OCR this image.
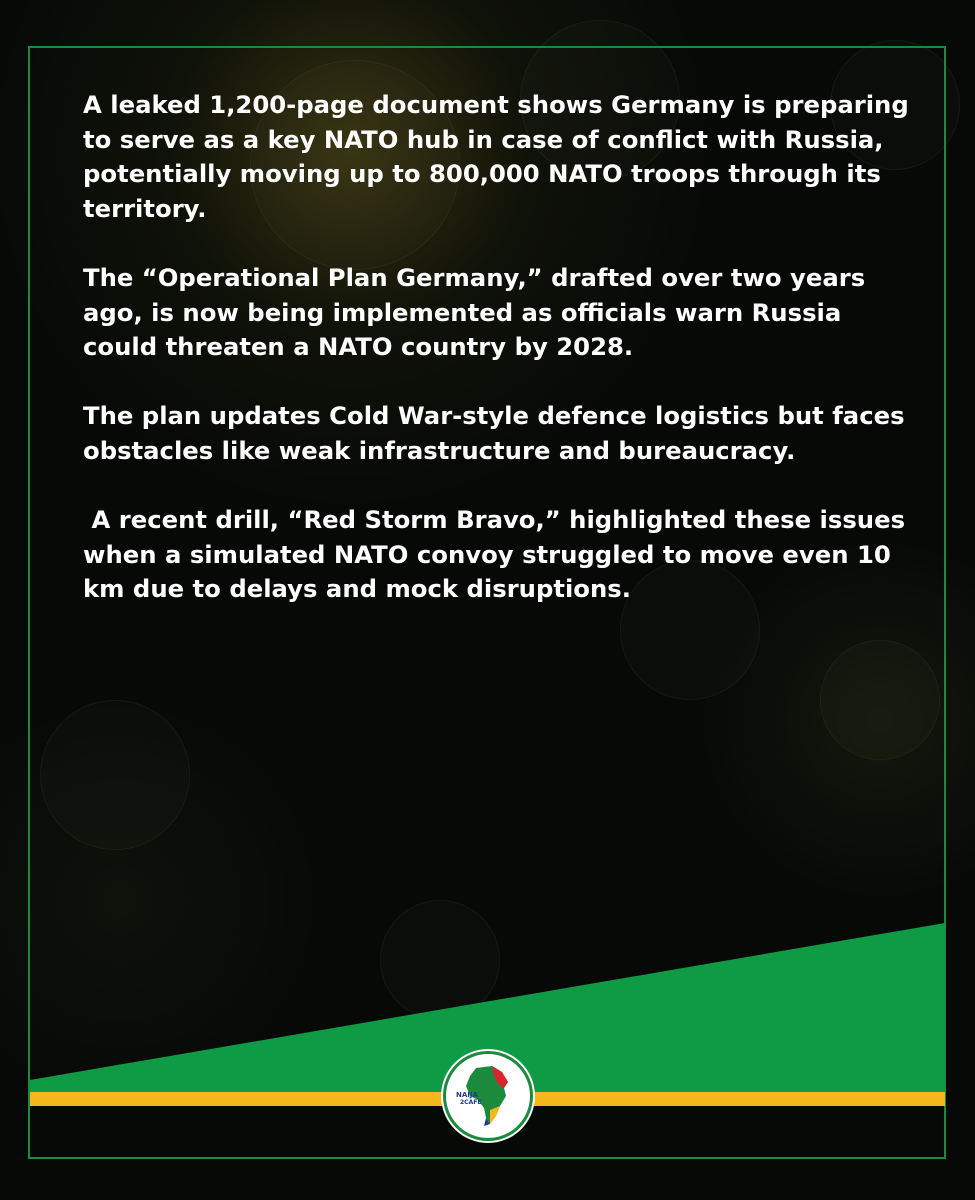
A leaked 1,200-page document shows Germany is preparing to serve as a key NATO hub in case of conflict with Russia, potentially moving up to 800,000 NATO troops through its territory.

The “Operational Plan Germany,” drafted over two years ago, is now being implemented as officials warn Russia could threaten a NATO country by 2028.

The plan updates Cold War-style defence logistics but faces obstacles like weak infrastructure and bureaucracy.

A recent drill, “Red Storm Bravo,” highlighted these issues when a simulated NATO convoy struggled to move even 10 km due to delays and mock disruptions.

NAIJA
2CAFE
